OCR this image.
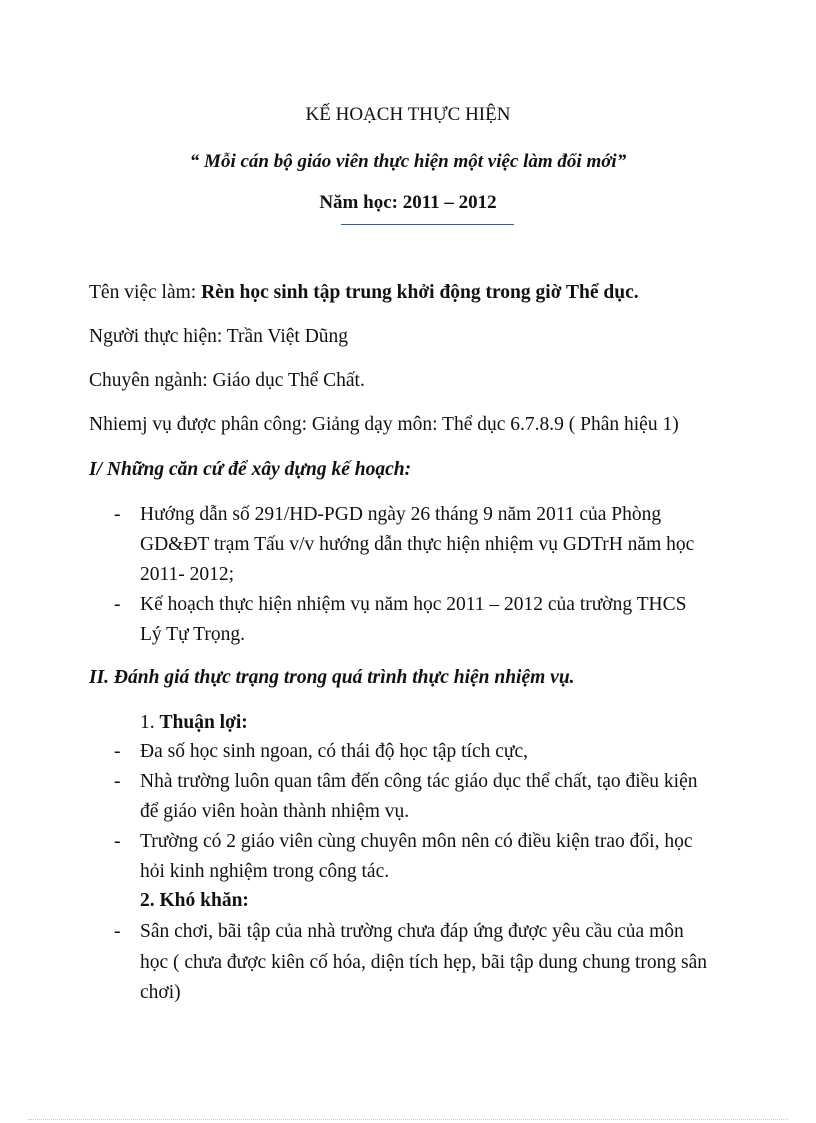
KẾ HOẠCH THỰC HIỆN
“ Mỗi cán bộ giáo viên thực hiện một việc làm đổi mới”
Năm học: 2011 – 2012
Tên việc làm: Rèn học sinh tập trung khởi động trong giờ Thể dục.
Người thực hiện: Trần Việt Dũng
Chuyên ngành: Giáo dục Thể Chất.
Nhiemj vụ được phân công: Giảng dạy môn: Thể dục 6.7.8.9 ( Phân hiệu 1)
I/ Những căn cứ để xây dựng kế hoạch:
- Hướng dẫn số 291/HD-PGD ngày 26 tháng 9 năm 2011 của Phòng
GD&ĐT trạm Tấu v/v hướng dẫn thực hiện nhiệm vụ GDTrH năm học
2011- 2012;
- Kế hoạch thực hiện nhiệm vụ năm học 2011 – 2012 của trường THCS
Lý Tự Trọng.
II. Đánh giá thực trạng trong quá trình thực hiện nhiệm vụ.
1. Thuận lợi:
- Đa số học sinh ngoan, có thái độ học tập tích cực,
- Nhà trường luôn quan tâm đến công tác giáo dục thể chất, tạo điều kiện
để giáo viên hoàn thành nhiệm vụ.
- Trường có 2 giáo viên cùng chuyên môn nên có điều kiện trao đổi, học
hỏi kinh nghiệm trong công tác.
2. Khó khăn:
- Sân chơi, bãi tập của nhà trường chưa đáp ứng được yêu cầu của môn
học ( chưa được kiên cố hóa, diện tích hẹp, bãi tập dung chung trong sân
chơi)
